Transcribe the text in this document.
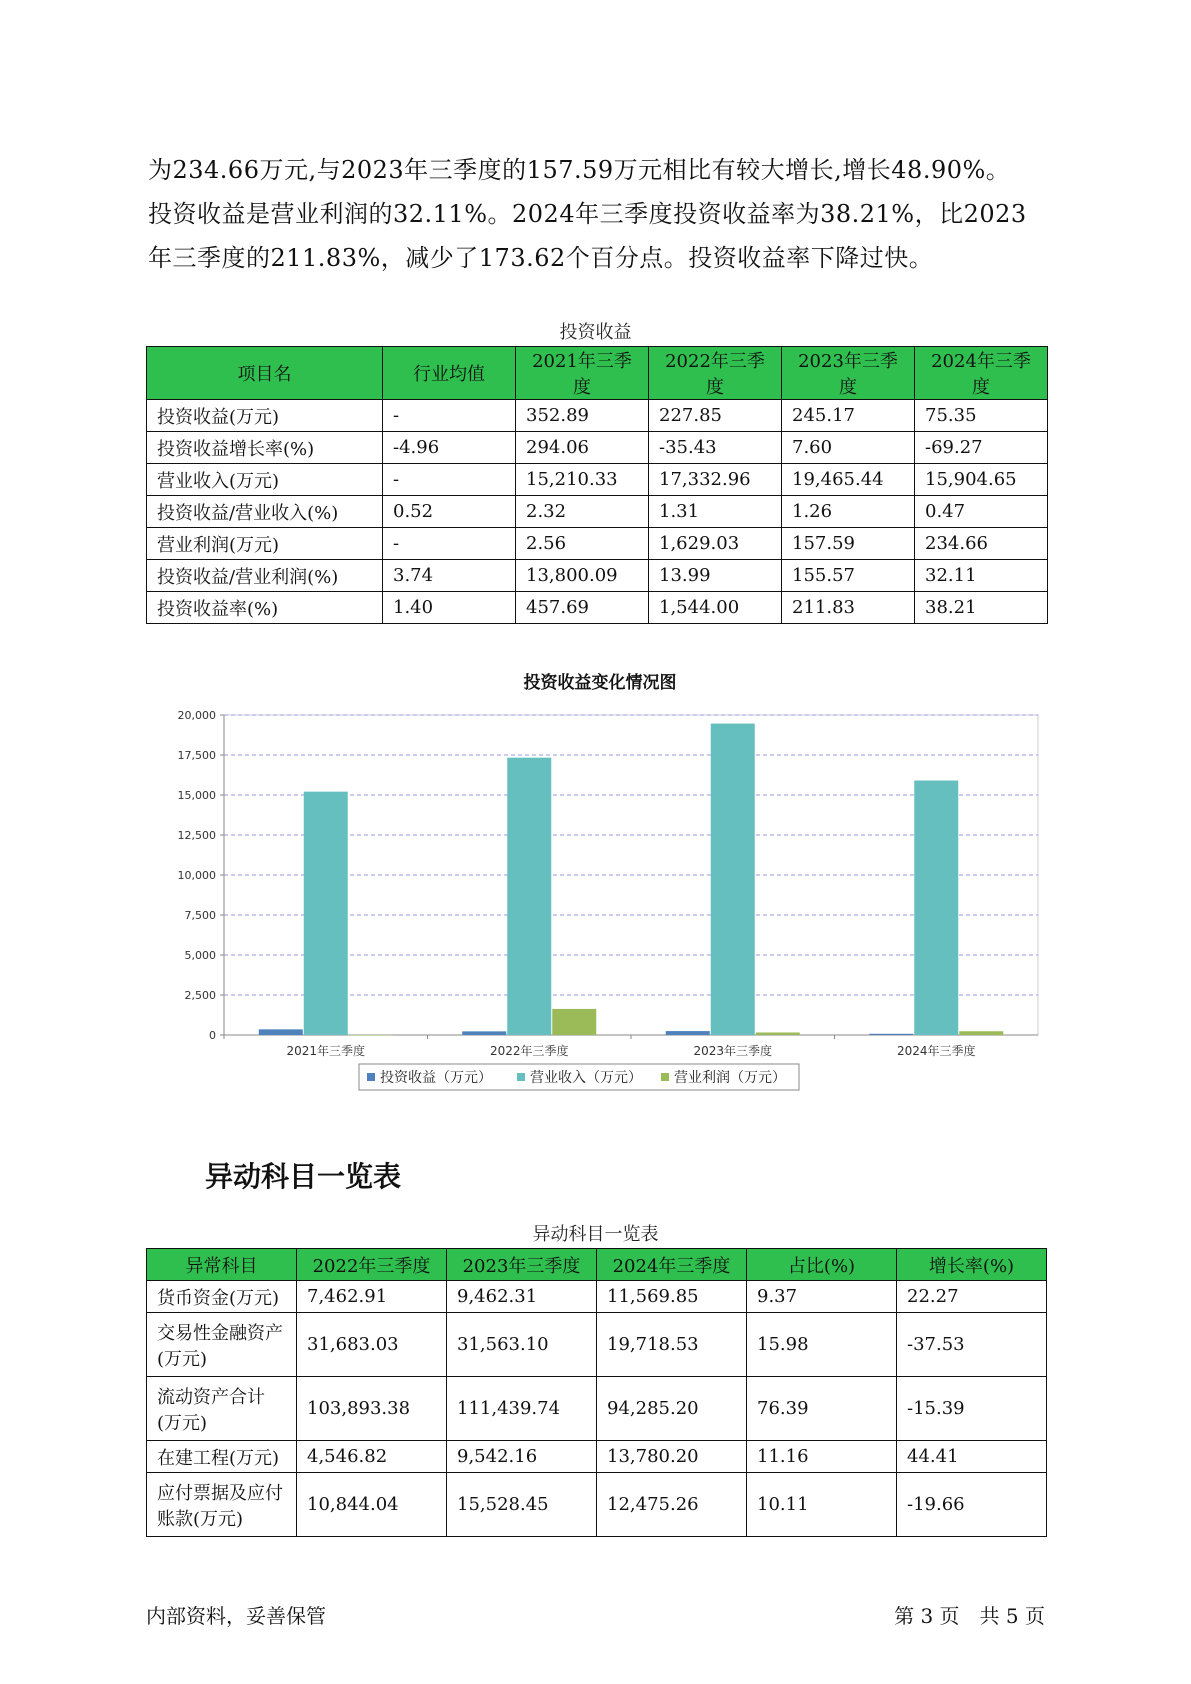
为234.66万元,与2023年三季度的157.59万元相比有较大增长,增长48.90%。

投资收益是营业利润的32.11%。2024年三季度投资收益率为38.21%，比2023

年三季度的211.83%，减少了173.62个百分点。投资收益率下降过快。

投资收益
项目名	行业均值	2021年三季度	2022年三季度	2023年三季度	2024年三季度
投资收益(万元)	-	352.89	227.85	245.17	75.35
投资收益增长率(%)	-4.96	294.06	-35.43	7.60	-69.27
营业收入(万元)	-	15,210.33	17,332.96	19,465.44	15,904.65
投资收益/营业收入(%)	0.52	2.32	1.31	1.26	0.47
营业利润(万元)	-	2.56	1,629.03	157.59	234.66
投资收益/营业利润(%)	3.74	13,800.09	13.99	155.57	32.11
投资收益率(%)	1.40	457.69	1,544.00	211.83	38.21
投资收益变化情况图
0
2,500
5,000
7,500
10,000
12,500
15,000
17,500
20,000
2021年三季度	2022年三季度	2023年三季度	2024年三季度
投资收益（万元）	营业收入（万元） 营业利润（万元）
异动科目一览表
异动科目一览表
异常科目	2022年三季度	2023年三季度	2024年三季度	占比(%)	增长率(%)
货币资金(万元)	7,462.91	9,462.31	11,569.85	9.37	22.27
交易性金融资产(万元)	31,683.03	31,563.10	19,718.53	15.98	-37.53
流动资产合计(万元)	103,893.38	111,439.74	94,285.20	76.39	-15.39
在建工程(万元)	4,546.82	9,542.16	13,780.20	11.16	44.41
应付票据及应付账款(万元)	10,844.04	15,528.45	12,475.26	10.11	-19.66
内部资料，妥善保管	第 3 页　共 5 页
